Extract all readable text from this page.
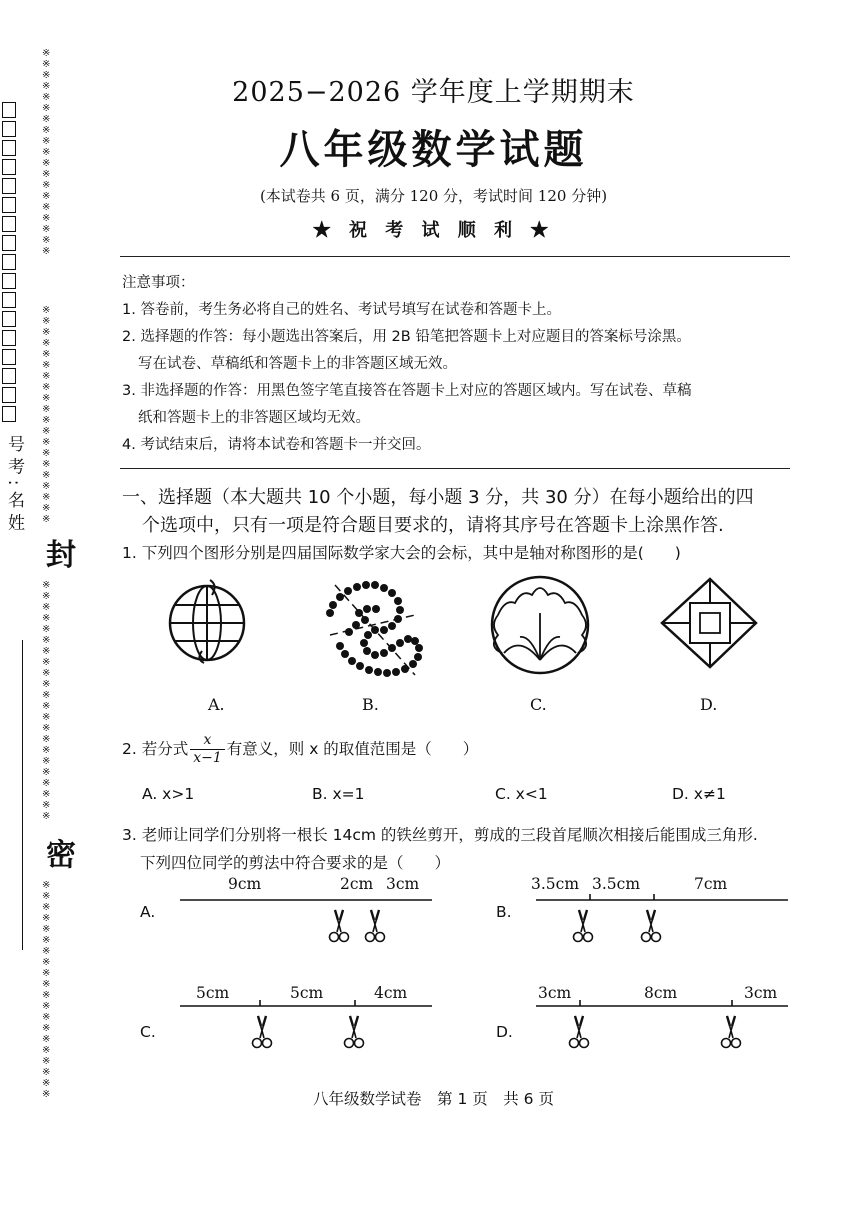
※
※
※
※
※
※
※
※
※
※
※
※
※
※
※
※
※
※
※
※
※
※
※
※
※
※
※
※
※
※
※
※
※
※
※
※
※
※
※
封
※
※
※
※
※
※
※
※
※
※
※
※
※
※
※
※
※
※
※
※
※
※
密
※
※
※
※
※
※
※
※
※
※
※
※
※
※
※
※
※
※
※
※
号 考 : 名 姓
2025−2026 学年度上学期期末
八年级数学试题
(本试卷共 6 页，满分 120 分，考试时间 120 分钟)
★ 祝 考 试 顺 利 ★

注意事项：

1. 答卷前，考生务必将自己的姓名、考试号填写在试卷和答题卡上。

2. 选择题的作答：每小题选出答案后，用 2B 铅笔把答题卡上对应题目的答案标号涂黑。

写在试卷、草稿纸和答题卡上的非答题区域无效。

3. 非选择题的作答：用黑色签字笔直接答在答题卡上对应的答题区域内。写在试卷、草稿

纸和答题卡上的非答题区域均无效。

4. 考试结束后，请将本试卷和答题卡一并交回。

一、选择题（本大题共 10 个小题，每小题 3 分，共 30 分）在每小题给出的四
个选项中，只有一项是符合题目要求的，请将其序号在答题卡上涂黑作答.
1. 下列四个图形分别是四届国际数学家大会的会标，其中是轴对称图形的是(　　)
A.	B.	C.	D.
2. 若分式 $\frac{x}{x-1}$ 有意义，则 x 的取值范围是（　　）
A. x>1	B. x=1	C. x<1	D. x≠1
3. 老师让同学们分别将一根长 14cm 的铁丝剪开，剪成的三段首尾顺次相接后能围成三角形.
下列四位同学的剪法中符合要求的是（　　）
A.
9cm	2cm 3cm
B.
3.5cm 3.5cm	7cm
C.
5cm	5cm	4cm
D.
3cm	8cm	3cm
八年级数学试卷　第 1 页　共 6 页
